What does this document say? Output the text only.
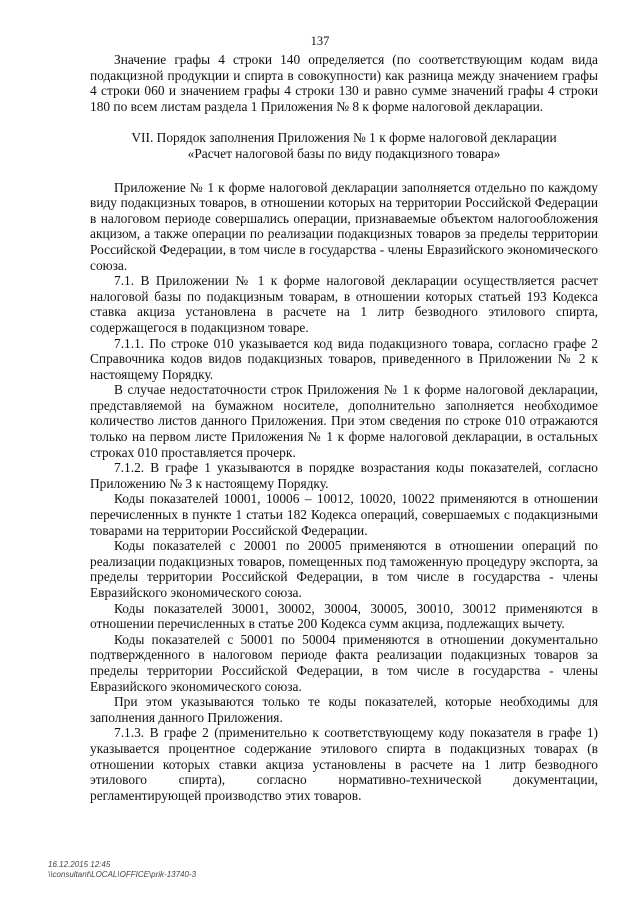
137

Значение графы 4 строки 140 определяется (по соответствующим кодам вида подакцизной продукции и спирта в совокупности) как разница между значением графы 4 строки 060 и значением графы 4 строки 130 и равно сумме значений графы 4 строки 180 по всем листам раздела 1 Приложения № 8 к форме налоговой декларации.

VII. Порядок заполнения Приложения № 1 к форме налоговой декларации
«Расчет налоговой базы по виду подакцизного товара»

Приложение № 1 к форме налоговой декларации заполняется отдельно по каждому виду подакцизных товаров, в отношении которых на территории Российской Федерации в налоговом периоде совершались операции, признаваемые объектом налогообложения акцизом, а также операции по реализации подакцизных товаров за пределы территории Российской Федерации, в том числе в государства - члены Евразийского экономического союза.

7.1. В Приложении № 1 к форме налоговой декларации осуществляется расчет налоговой базы по подакцизным товарам, в отношении которых статьей 193 Кодекса ставка акциза установлена в расчете на 1 литр безводного этилового спирта, содержащегося в подакцизном товаре.

7.1.1. По строке 010 указывается код вида подакцизного товара, согласно графе 2 Справочника кодов видов подакцизных товаров, приведенного в Приложении № 2 к настоящему Порядку.

В случае недостаточности строк Приложения № 1 к форме налоговой декларации, представляемой на бумажном носителе, дополнительно заполняется необходимое количество листов данного Приложения. При этом сведения по строке 010 отражаются только на первом листе Приложения № 1 к форме налоговой декларации, в остальных строках 010 проставляется прочерк.

7.1.2. В графе 1 указываются в порядке возрастания коды показателей, согласно Приложению № 3 к настоящему Порядку.

Коды показателей 10001, 10006 – 10012, 10020, 10022 применяются в отношении перечисленных в пункте 1 статьи 182 Кодекса операций, совершаемых с подакцизными товарами на территории Российской Федерации.

Коды показателей с 20001 по 20005 применяются в отношении операций по реализации подакцизных товаров, помещенных под таможенную процедуру экспорта, за пределы территории Российской Федерации, в том числе в государства - члены Евразийского экономического союза.

Коды показателей 30001, 30002, 30004, 30005, 30010, 30012 применяются в отношении перечисленных в статье 200 Кодекса сумм акциза, подлежащих вычету.

Коды показателей с 50001 по 50004 применяются в отношении документально подтвержденного в налоговом периоде факта реализации подакцизных товаров за пределы территории Российской Федерации, в том числе в государства - члены Евразийского экономического союза.

При этом указываются только те коды показателей, которые необходимы для заполнения данного Приложения.

7.1.3. В графе 2 (применительно к соответствующему коду показателя в графе 1) указывается процентное содержание этилового спирта в подакцизных товарах (в отношении которых ставки акциза установлены в расчете на 1 литр безводного этилового спирта), согласно нормативно-технической документации, регламентирующей производство этих товаров.

16.12.2015 12:45
\\consultant\LOCAL\OFFICE\prik-13740-3
